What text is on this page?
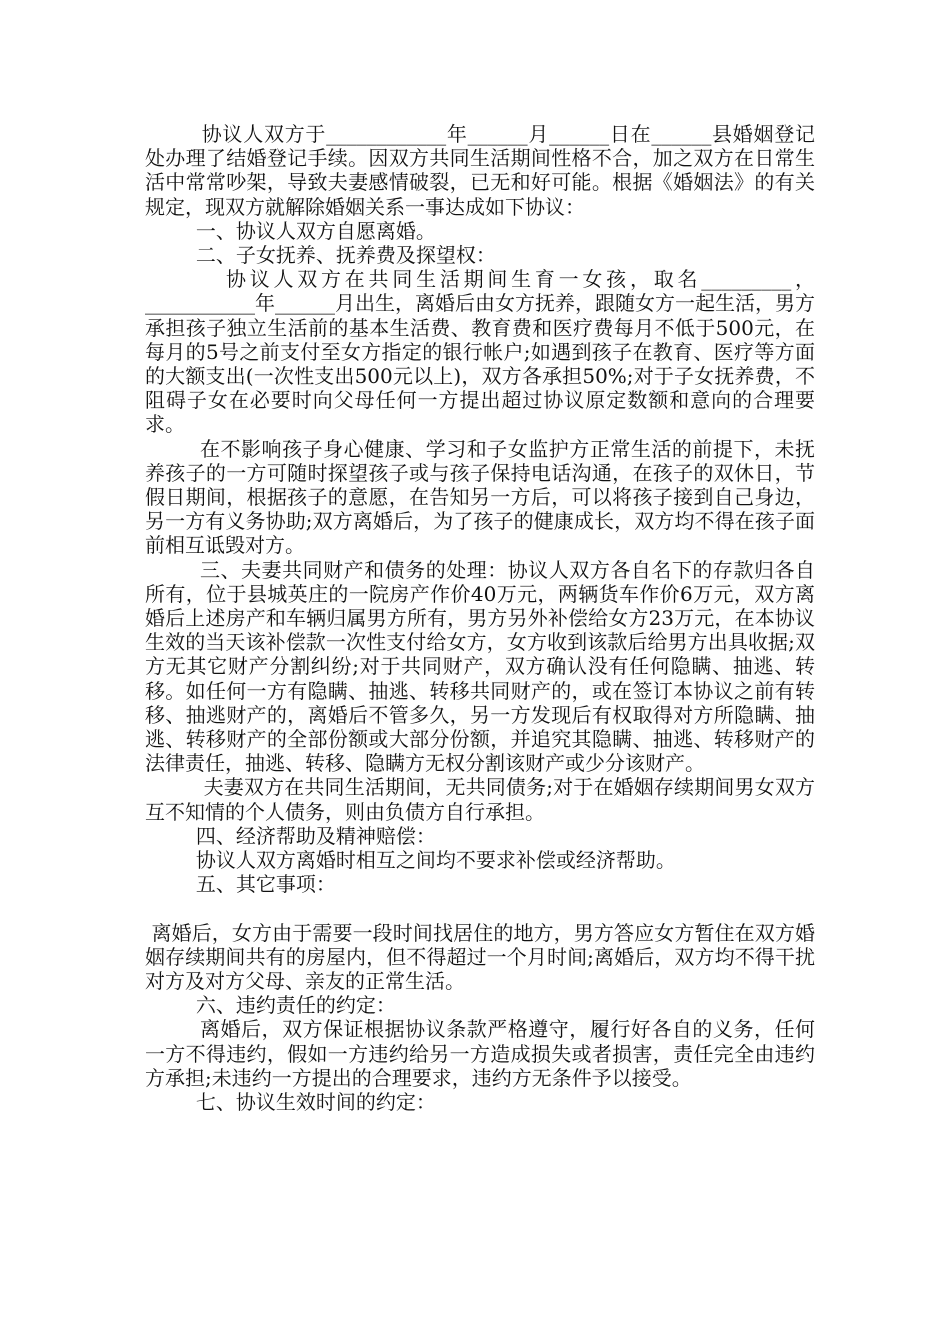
协议人双方于____________年______月______日在______县婚姻登记处办理了结婚登记手续。因双方共同生活期间性格不合，加之双方在日常生活中常常吵架，导致夫妻感情破裂，已无和好可能。根据《婚姻法》的有关规定，现双方就解除婚姻关系一事达成如下协议：

一、协议人双方自愿离婚。

二、子女抚养、抚养费及探望权：

协议人双方在共同生活期间生育一女孩，取名_________，___________年______月出生，离婚后由女方抚养，跟随女方一起生活，男方承担孩子独立生活前的基本生活费、教育费和医疗费每月不低于500元，在每月的5号之前支付至女方指定的银行帐户;如遇到孩子在教育、医疗等方面的大额支出(一次性支出500元以上)，双方各承担50%;对于子女抚养费，不阻碍子女在必要时向父母任何一方提出超过协议原定数额和意向的合理要求。

在不影响孩子身心健康、学习和子女监护方正常生活的前提下，未抚养孩子的一方可随时探望孩子或与孩子保持电话沟通，在孩子的双休日，节假日期间，根据孩子的意愿，在告知另一方后，可以将孩子接到自己身边，另一方有义务协助;双方离婚后，为了孩子的健康成长，双方均不得在孩子面前相互诋毁对方。

三、夫妻共同财产和债务的处理：协议人双方各自名下的存款归各自所有，位于县城英庄的一院房产作价40万元，两辆货车作价6万元，双方离婚后上述房产和车辆归属男方所有，男方另外补偿给女方23万元，在本协议生效的当天该补偿款一次性支付给女方，女方收到该款后给男方出具收据;双方无其它财产分割纠纷;对于共同财产，双方确认没有任何隐瞒、抽逃、转移。如任何一方有隐瞒、抽逃、转移共同财产的，或在签订本协议之前有转移、抽逃财产的，离婚后不管多久，另一方发现后有权取得对方所隐瞒、抽逃、转移财产的全部份额或大部分份额，并追究其隐瞒、抽逃、转移财产的法律责任，抽逃、转移、隐瞒方无权分割该财产或少分该财产。

夫妻双方在共同生活期间，无共同债务;对于在婚姻存续期间男女双方互不知情的个人债务，则由负债方自行承担。

四、经济帮助及精神赔偿：

协议人双方离婚时相互之间均不要求补偿或经济帮助。

五、其它事项：

离婚后，女方由于需要一段时间找居住的地方，男方答应女方暂住在双方婚姻存续期间共有的房屋内，但不得超过一个月时间;离婚后，双方均不得干扰对方及对方父母、亲友的正常生活。

六、违约责任的约定：

离婚后，双方保证根据协议条款严格遵守，履行好各自的义务，任何一方不得违约，假如一方违约给另一方造成损失或者损害，责任完全由违约方承担;未违约一方提出的合理要求，违约方无条件予以接受。

七、协议生效时间的约定：
